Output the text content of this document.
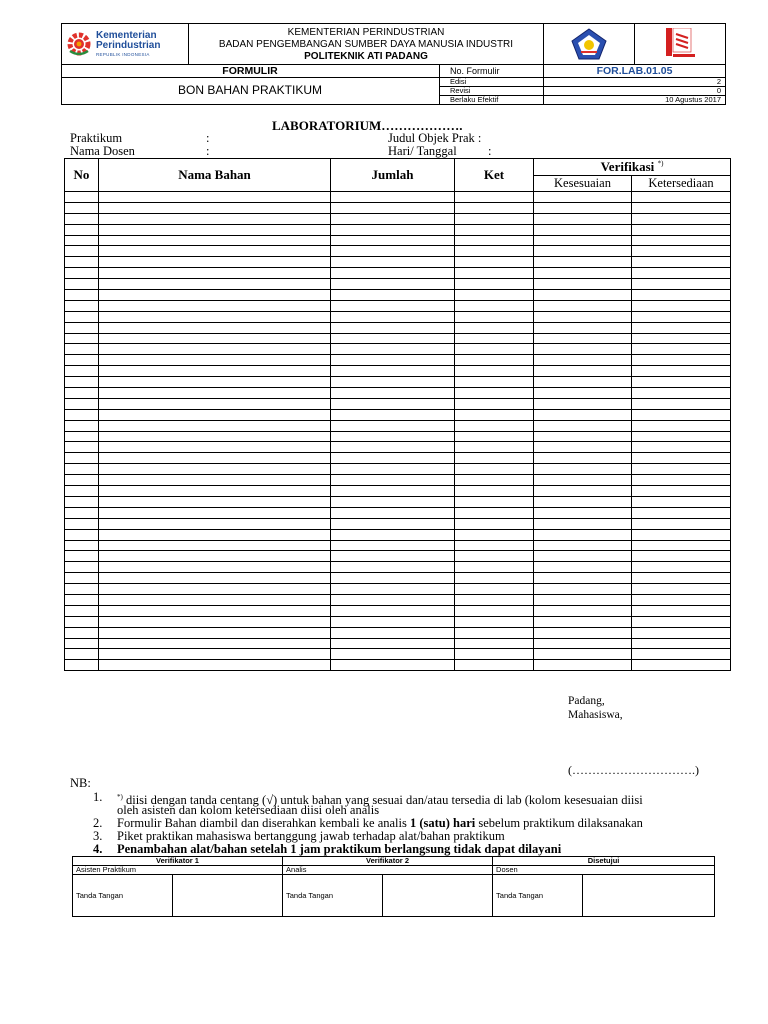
Kementerian
Perindustrian
REPUBLIK INDONESIA
KEMENTERIAN PERINDUSTRIAN
BADAN PENGEMBANGAN SUMBER DAYA MANUSIA INDUSTRI
POLITEKNIK ATI PADANG
FORMULIR
BON BAHAN PRAKTIKUM
No. Formulir	FOR.LAB.01.05
Edisi	2
Revisi	0
Berlaku Efektif	10 Agustus 2017
LABORATORIUM……………….
Praktikum	:	Judul Objek Prak :
Nama Dosen	:	Hari/ Tanggal	:
No	Nama Bahan	Jumlah	Ket	Verifikasi *)
				Kesesuaian	Ketersediaan

Padang,
Mahasiswa,
(………………………….)
NB:
1. *) diisi dengan tanda centang (√) untuk bahan yang sesuai dan/atau tersedia di lab (kolom kesesuaian diisi
oleh asisten dan kolom ketersediaan diisi oleh analis
2. Formulir Bahan diambil dan diserahkan kembali ke analis 1 (satu) hari sebelum praktikum dilaksanakan
3. Piket praktikan mahasiswa bertanggung jawab terhadap alat/bahan praktikum
4. Penambahan alat/bahan setelah 1 jam praktikum berlangsung tidak dapat dilayani
Verifikator 1		Verifikator 2		Disetujui	
Asisten Praktikum		Analis		Dosen	
Tanda Tangan		Tanda Tangan		Tanda Tangan	
